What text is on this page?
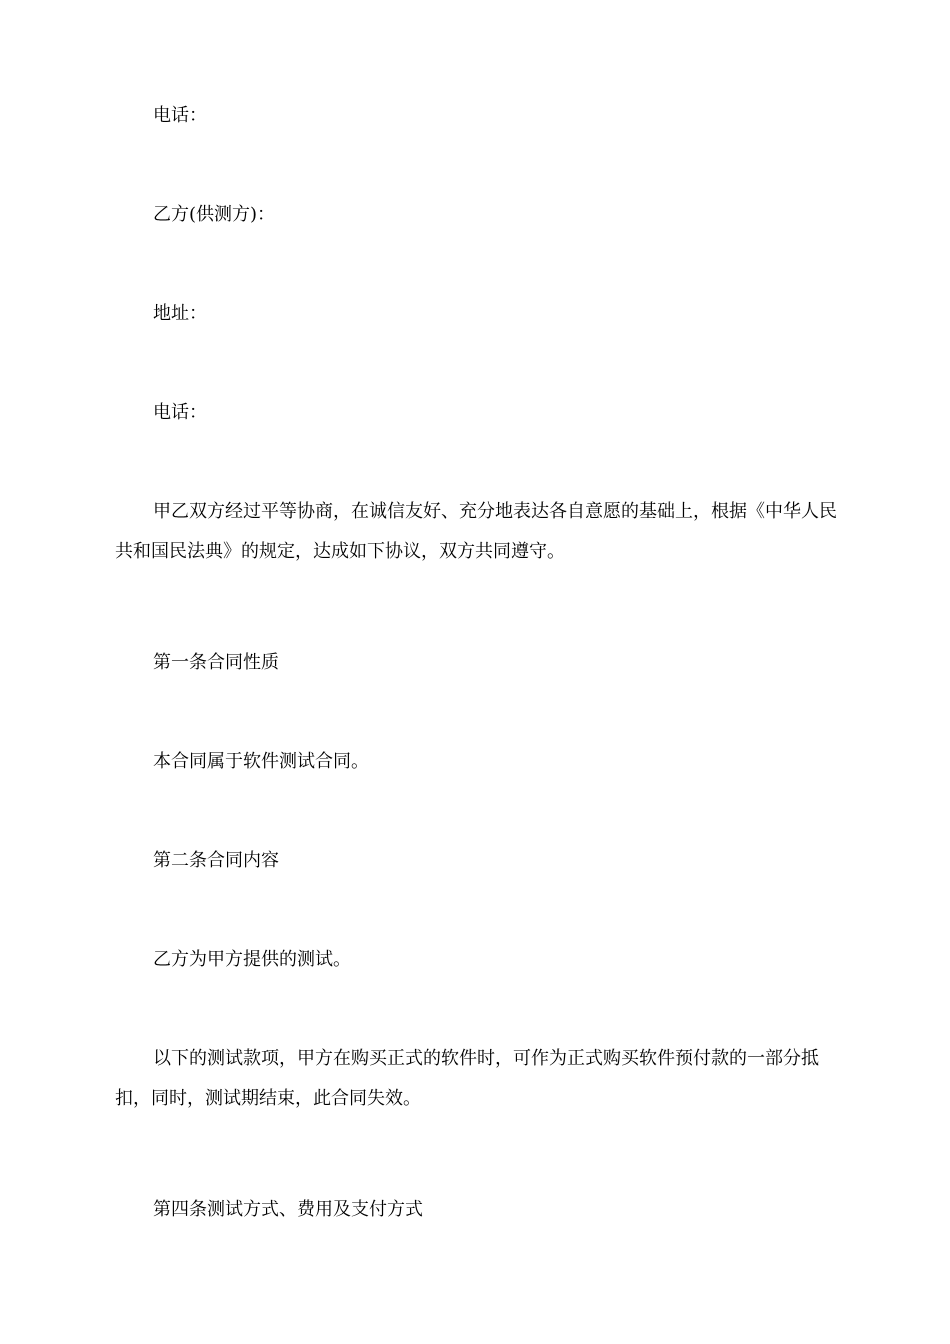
电话：

乙方(供测方)：

地址：

电话：

甲乙双方经过平等协商，在诚信友好、充分地表达各自意愿的基础上，根据《中华人民共和国民法典》的规定，达成如下协议，双方共同遵守。

第一条合同性质

本合同属于软件测试合同。

第二条合同内容

乙方为甲方提供的测试。

以下的测试款项，甲方在购买正式的软件时，可作为正式购买软件预付款的一部分抵扣，同时，测试期结束，此合同失效。

第四条测试方式、费用及支付方式
